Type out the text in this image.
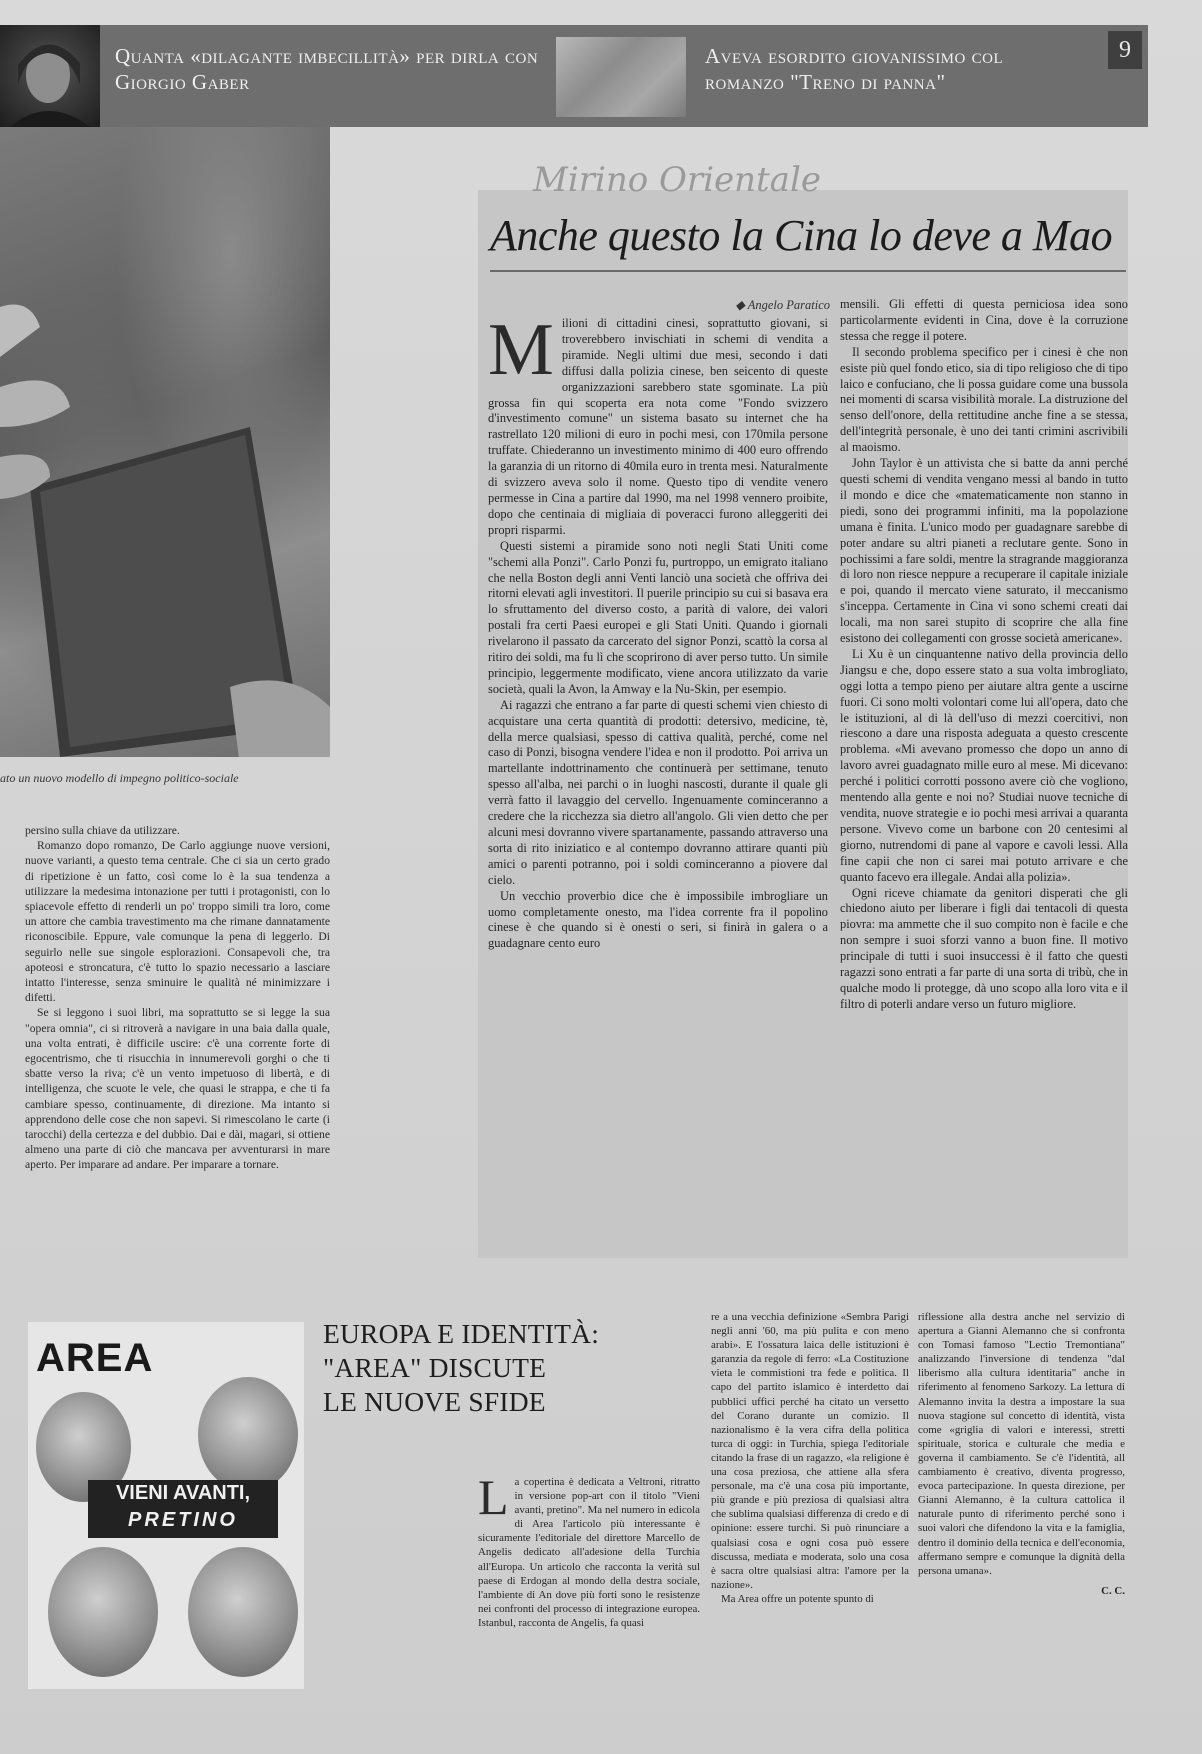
Quanta «dilagante imbecillità» per dirla con Giorgio Gaber
Aveva esordito giovanissimo col romanzo "Treno di panna"
9
ato un nuovo modello di impegno politico-sociale

persino sulla chiave da utilizzare.

Romanzo dopo romanzo, De Carlo aggiunge nuove versioni, nuove varianti, a questo tema centrale. Che ci sia un certo grado di ripetizione è un fatto, così come lo è la sua tendenza a utilizzare la medesima intonazione per tutti i protagonisti, con lo spiacevole effetto di renderli un po' troppo simili tra loro, come un attore che cambia travestimento ma che rimane dannatamente riconoscibile. Eppure, vale comunque la pena di leggerlo. Di seguirlo nelle sue singole esplorazioni. Consapevoli che, tra apoteosi e stroncatura, c'è tutto lo spazio necessario a lasciare intatto l'interesse, senza sminuire le qualità né minimizzare i difetti.

Se si leggono i suoi libri, ma soprattutto se si legge la sua "opera omnia", ci si ritroverà a navigare in una baia dalla quale, una volta entrati, è difficile uscire: c'è una corrente forte di egocentrismo, che ti risucchia in innumerevoli gorghi o che ti sbatte verso la riva; c'è un vento impetuoso di libertà, e di intelligenza, che scuote le vele, che quasi le strappa, e che ti fa cambiare spesso, continuamente, di direzione. Ma intanto si apprendono delle cose che non sapevi. Si rimescolano le carte (i tarocchi) della certezza e del dubbio. Dai e dài, magari, si ottiene almeno una parte di ciò che mancava per avventurarsi in mare aperto. Per imparare ad andare. Per imparare a tornare.

Mirino Orientale
Anche questo la Cina lo deve a Mao
◆ Angelo Paratico

Milioni di cittadini cinesi, soprattutto giovani, si troverebbero invischiati in schemi di vendita a piramide. Negli ultimi due mesi, secondo i dati diffusi dalla polizia cinese, ben seicento di queste organizzazioni sarebbero state sgominate. La più grossa fin qui scoperta era nota come "Fondo svizzero d'investimento comune" un sistema basato su internet che ha rastrellato 120 milioni di euro in pochi mesi, con 170mila persone truffate. Chiederanno un investimento minimo di 400 euro offrendo la garanzia di un ritorno di 40mila euro in trenta mesi. Naturalmente di svizzero aveva solo il nome. Questo tipo di vendite venero permesse in Cina a partire dal 1990, ma nel 1998 vennero proibite, dopo che centinaia di migliaia di poveracci furono alleggeriti dei propri risparmi.

Questi sistemi a piramide sono noti negli Stati Uniti come "schemi alla Ponzi". Carlo Ponzi fu, purtroppo, un emigrato italiano che nella Boston degli anni Venti lanciò una società che offriva dei ritorni elevati agli investitori. Il puerile principio su cui si basava era lo sfruttamento del diverso costo, a parità di valore, dei valori postali fra certi Paesi europei e gli Stati Uniti. Quando i giornali rivelarono il passato da carcerato del signor Ponzi, scattò la corsa al ritiro dei soldi, ma fu lì che scoprirono di aver perso tutto. Un simile principio, leggermente modificato, viene ancora utilizzato da varie società, quali la Avon, la Amway e la Nu-Skin, per esempio.

Ai ragazzi che entrano a far parte di questi schemi vien chiesto di acquistare una certa quantità di prodotti: detersivo, medicine, tè, della merce qualsiasi, spesso di cattiva qualità, perché, come nel caso di Ponzi, bisogna vendere l'idea e non il prodotto. Poi arriva un martellante indottrinamento che continuerà per settimane, tenuto spesso all'alba, nei parchi o in luoghi nascosti, durante il quale gli verrà fatto il lavaggio del cervello. Ingenuamente cominceranno a credere che la ricchezza sia dietro all'angolo. Gli vien detto che per alcuni mesi dovranno vivere spartanamente, passando attraverso una sorta di rito iniziatico e al contempo dovranno attirare quanti più amici o parenti potranno, poi i soldi cominceranno a piovere dal cielo.

Un vecchio proverbio dice che è impossibile imbrogliare un uomo completamente onesto, ma l'idea corrente fra il popolino cinese è che quando si è onesti o seri, si finirà in galera o a guadagnare cento euro

mensili. Gli effetti di questa perniciosa idea sono particolarmente evidenti in Cina, dove è la corruzione stessa che regge il potere.

Il secondo problema specifico per i cinesi è che non esiste più quel fondo etico, sia di tipo religioso che di tipo laico e confuciano, che li possa guidare come una bussola nei momenti di scarsa visibilità morale. La distruzione del senso dell'onore, della rettitudine anche fine a se stessa, dell'integrità personale, è uno dei tanti crimini ascrivibili al maoismo.

John Taylor è un attivista che si batte da anni perché questi schemi di vendita vengano messi al bando in tutto il mondo e dice che «matematicamente non stanno in piedi, sono dei programmi infiniti, ma la popolazione umana è finita. L'unico modo per guadagnare sarebbe di poter andare su altri pianeti a reclutare gente. Sono in pochissimi a fare soldi, mentre la stragrande maggioranza di loro non riesce neppure a recuperare il capitale iniziale e poi, quando il mercato viene saturato, il meccanismo s'inceppa. Certamente in Cina vi sono schemi creati dai locali, ma non sarei stupito di scoprire che alla fine esistono dei collegamenti con grosse società americane».

Li Xu è un cinquantenne nativo della provincia dello Jiangsu e che, dopo essere stato a sua volta imbrogliato, oggi lotta a tempo pieno per aiutare altra gente a uscirne fuori. Ci sono molti volontari come lui all'opera, dato che le istituzioni, al di là dell'uso di mezzi coercitivi, non riescono a dare una risposta adeguata a questo crescente problema. «Mi avevano promesso che dopo un anno di lavoro avrei guadagnato mille euro al mese. Mi dicevano: perché i politici corrotti possono avere ciò che vogliono, mentendo alla gente e noi no? Studiai nuove tecniche di vendita, nuove strategie e io pochi mesi arrivai a quaranta persone. Vivevo come un barbone con 20 centesimi al giorno, nutrendomi di pane al vapore e cavoli lessi. Alla fine capii che non ci sarei mai potuto arrivare e che quanto facevo era illegale. Andai alla polizia».

Ogni riceve chiamate da genitori disperati che gli chiedono aiuto per liberare i figli dai tentacoli di questa piovra: ma ammette che il suo compito non è facile e che non sempre i suoi sforzi vanno a buon fine. Il motivo principale di tutti i suoi insuccessi è il fatto che questi ragazzi sono entrati a far parte di una sorta di tribù, che in qualche modo li protegge, dà uno scopo alla loro vita e il filtro di poterli andare verso un futuro migliore.

AREA
VIENI AVANTI,
PRETINO
EUROPA E IDENTITÀ:
"AREA" DISCUTE
LE NUOVE SFIDE

La copertina è dedicata a Veltroni, ritratto in versione pop-art con il titolo "Vieni avanti, pretino". Ma nel numero in edicola di Area l'articolo più interessante è sicuramente l'editoriale del direttore Marcello de Angelis dedicato all'adesione della Turchia all'Europa. Un articolo che racconta la verità sul paese di Erdogan al mondo della destra sociale, l'ambiente di An dove più forti sono le resistenze nei confronti del processo di integrazione europea. Istanbul, racconta de Angelis, fa quasi

re a una vecchia definizione «Sembra Parigi negli anni '60, ma più pulita e con meno arabi». E l'ossatura laica delle istituzioni è garanzia da regole di ferro: «La Costituzione vieta le commistioni tra fede e politica. Il capo del partito islamico è interdetto dai pubblici uffici perché ha citato un versetto del Corano durante un comizio. Il nazionalismo è la vera cifra della politica turca di oggi: in Turchia, spiega l'editoriale citando la frase di un ragazzo, «la religione è una cosa preziosa, che attiene alla sfera personale, ma c'è una cosa più importante, più grande e più preziosa di qualsiasi altra che sublima qualsiasi differenza di credo e di opinione: essere turchi. Si può rinunciare a qualsiasi cosa e ogni cosa può essere discussa, mediata e moderata, solo una cosa è sacra oltre qualsiasi altra: l'amore per la nazione».

Ma Area offre un potente spunto di

riflessione alla destra anche nel servizio di apertura a Gianni Alemanno che si confronta con Tomasi famoso "Lectio Tremontiana" analizzando l'inversione di tendenza "dal liberismo alla cultura identitaria" anche in riferimento al fenomeno Sarkozy. La lettura di Alemanno invita la destra a impostare la sua nuova stagione sul concetto di identità, vista come «griglia di valori e interessi, stretti spirituale, storica e culturale che media e governa il cambiamento. Se c'è l'identità, all cambiamento è creativo, diventa progresso, evoca partecipazione. In questa direzione, per Gianni Alemanno, è la cultura cattolica il naturale punto di riferimento perché sono i suoi valori che difendono la vita e la famiglia, dentro il dominio della tecnica e dell'economia, affermano sempre e comunque la dignità della persona umana».

C. C.
